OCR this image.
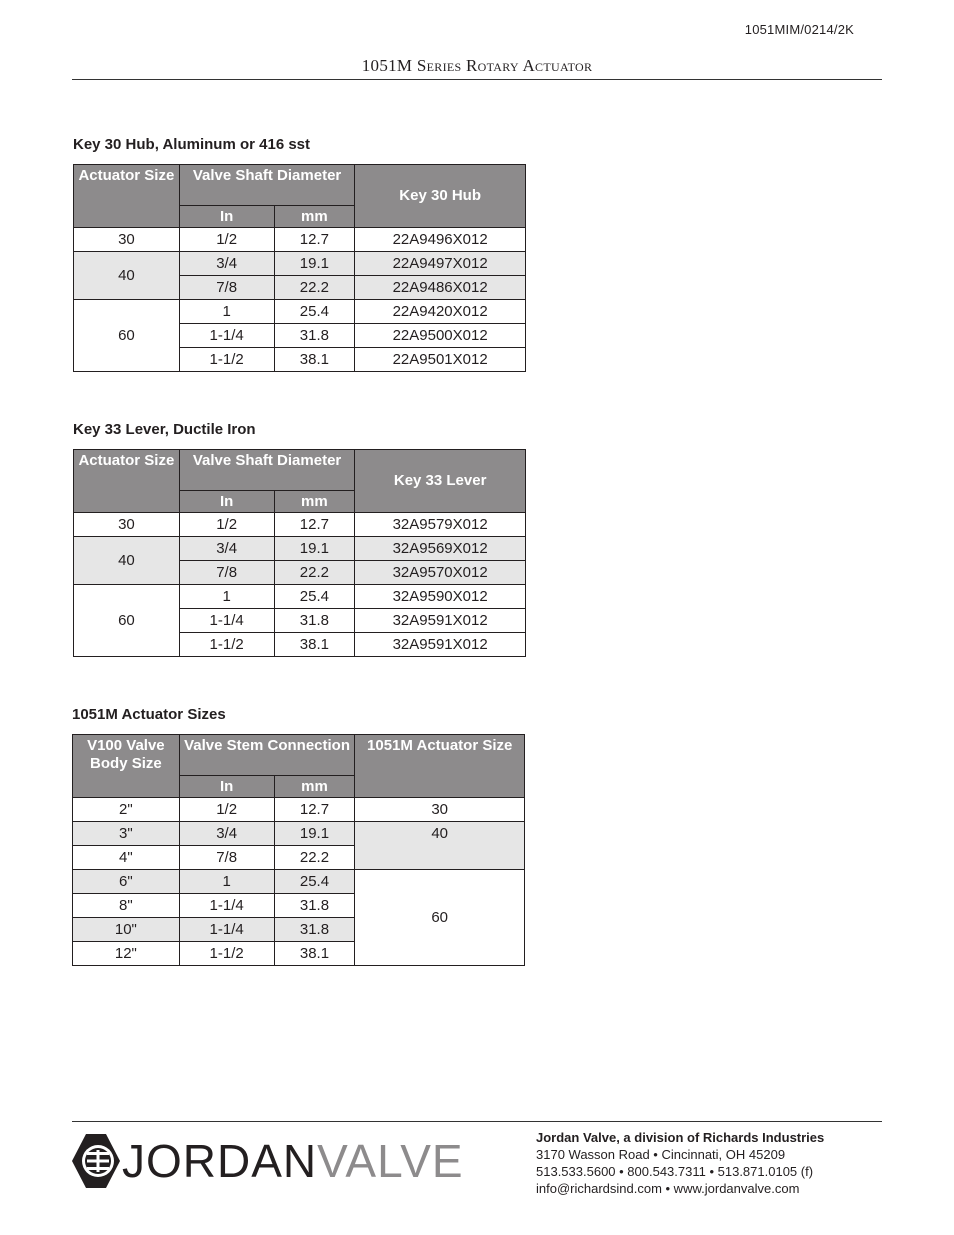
1051MIM/0214/2K
1051M Series Rotary Actuator
Key 30 Hub, Aluminum or 416 sst
Actuator Size	Valve Shaft Diameter		Key 30 Hub
	In	mm	
30	1/2	12.7	22A9496X012
40	3/4	19.1	22A9497X012
	7/8	22.2	22A9486X012
60	1	25.4	22A9420X012
	1-1/4	31.8	22A9500X012
	1-1/2	38.1	22A9501X012
Key 33 Lever, Ductile Iron
Actuator Size	Valve Shaft Diameter		Key 33 Lever
	In	mm	
30	1/2	12.7	32A9579X012
40	3/4	19.1	32A9569X012
	7/8	22.2	32A9570X012
60	1	25.4	32A9590X012
	1-1/4	31.8	32A9591X012
	1-1/2	38.1	32A9591X012
1051M Actuator Sizes
V100 Valve Body Size	Valve Stem Connection		1051M Actuator Size
	In	mm	
2"	1/2	12.7	30
3"	3/4	19.1	40
4"	7/8	22.2	
6"	1	25.4	60
8"	1-1/4	31.8	
10"	1-1/4	31.8	
12"	1-1/2	38.1	
JORDANVALVE	Jordan Valve, a division of Richards Industries
3170 Wasson Road • Cincinnati, OH 45209
513.533.5600 • 800.543.7311 • 513.871.0105 (f)
info@richardsind.com • www.jordanvalve.com
